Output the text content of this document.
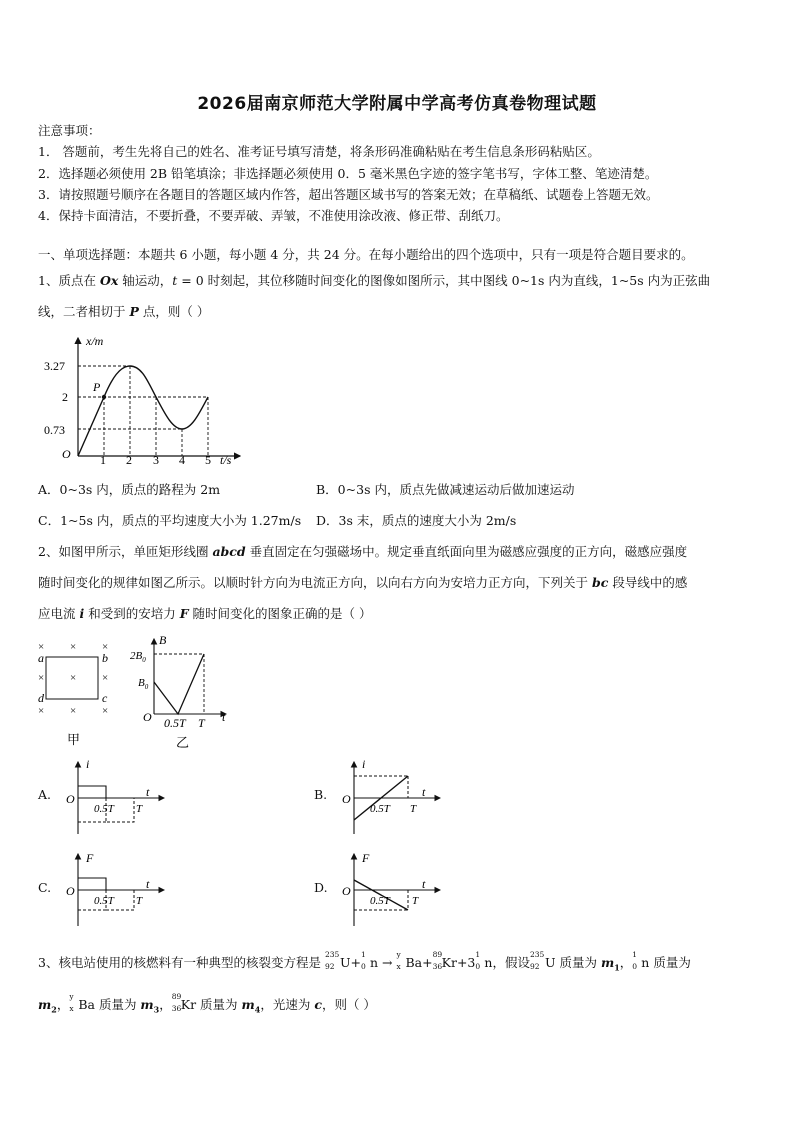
2026届南京师范大学附属中学高考仿真卷物理试题
注意事项：
1． 答题前，考生先将自己的姓名、准考证号填写清楚，将条形码准确粘贴在考生信息条形码粘贴区。
2．选择题必须使用 2B 铅笔填涂；非选择题必须使用 0．5 毫米黑色字迹的签字笔书写，字体工整、笔迹清楚。
3．请按照题号顺序在各题目的答题区域内作答，超出答题区域书写的答案无效；在草稿纸、试题卷上答题无效。
4．保持卡面清洁，不要折叠，不要弄破、弄皱，不准使用涂改液、修正带、刮纸刀。
一、单项选择题：本题共 6 小题，每小题 4 分，共 24 分。在每小题给出的四个选项中，只有一项是符合题目要求的。
1、质点在 Ox 轴运动，t = 0 时刻起，其位移随时间变化的图像如图所示，其中图线 0~1s 内为直线，1~5s 内为正弦曲
线，二者相切于 P 点，则（ ）
x/m
t/s
O
3.27
2
0.73
1 2 3 4 5
P
A．0~3s 内，质点的路程为 2m	B．0~3s 内，质点先做减速运动后做加速运动
C．1~5s 内，质点的平均速度大小为 1.27m/s D．3s 末，质点的速度大小为 2m/s
2、如图甲所示，单匝矩形线圈 abcd 垂直固定在匀强磁场中。规定垂直纸面向里为磁感应强度的正方向，磁感应强度
随时间变化的规律如图乙所示。以顺时针方向为电流正方向，以向右方向为安培力正方向，下列关于 bc 段导线中的感
应电流 i 和受到的安培力 F 随时间变化的图象正确的是（ ）
× × ×
× × ×
× × ×
a	b
c
d
甲
B
t
O
$2B_0$
$B_0$
0.5T T
乙
A.
i
t
O
0.5T T
B.
i
t
O
0.5T T
C.
F
t
O
0.5T T
D.
F
t
O
0.5T T
3、核电站使用的核燃料有一种典型的核裂变方程是
235
92 U+
1
0 n →
y
x Ba+
89
36 Kr+3
1
0 n，假设
235
92 U 质量为 $m_1$，
1
0 n 质量为
$m_2$，
y
x Ba 质量为 $m_3$，
89
36 Kr 质量为 $m_4$，光速为 c，则（ ）
